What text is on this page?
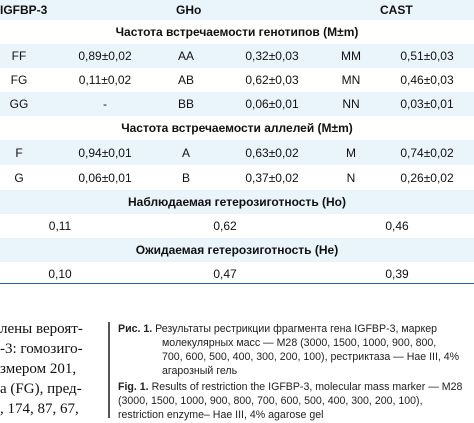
IGFBP-3	GHo	CAST
Частота встречаемости генотипов (M±m)
FF	0,89±0,02	AA	0,32±0,03	MM	0,51±0,03
FG	0,11±0,02	AB	0,62±0,03	MN	0,46±0,03
GG	-	BB	0,06±0,01	NN	0,03±0,01
Частота встречаемости аллелей (M±m)
F	0,94±0,01	A	0,63±0,02	M	0,74±0,02
G	0,06±0,01	B	0,37±0,02	N	0,26±0,02
Наблюдаемая гетерозиготность (Ho)
0,11	0,62	0,46
Ожидаемая гетерозиготность (He)
0,10	0,47	0,39
лены вероят-
-3: гомозиго-
змером 201,
а (FG), пред-
, 174, 87, 67,
Рис. 1. Результаты рестрикции фрагмента гена IGFBP-3, маркер
молекулярных масс — M28 (3000, 1500, 1000, 900, 800,
700, 600, 500, 400, 300, 200, 100), рестриктаза — Hae III, 4%
агарозный гель
Fig. 1. Results of restriction the IGFBP-3, molecular mass marker — M28
(3000, 1500, 1000, 900, 800, 700, 600, 500, 400, 300, 200, 100),
restriction enzyme– Hae III, 4% agarose gel
